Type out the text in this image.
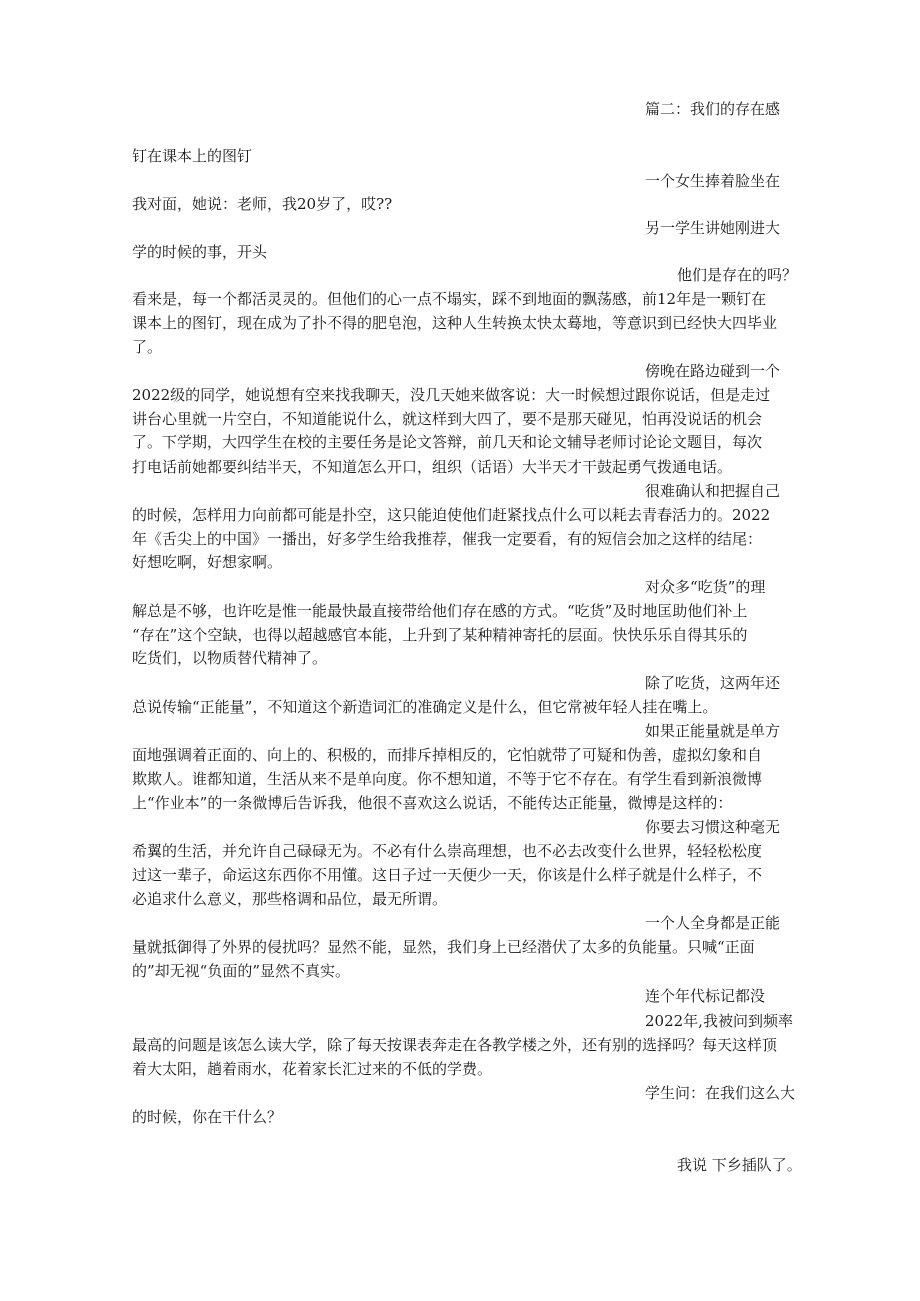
篇二：我们的存在感
钉在课本上的图钉
一个女生捧着脸坐在
我对面，她说：老师，我20岁了，哎??
另一学生讲她刚进大
学的时候的事，开头
他们是存在的吗？
看来是，每一个都活灵灵的。但他们的心一点不塌实，踩不到地面的飘荡感，前12年是一颗钉在
课本上的图钉，现在成为了扑不得的肥皂泡，这种人生转换太快太蓦地，等意识到已经快大四毕业
了。
傍晚在路边碰到一个
2022级的同学，她说想有空来找我聊天，没几天她来做客说：大一时候想过跟你说话，但是走过
讲台心里就一片空白，不知道能说什么，就这样到大四了，要不是那天碰见，怕再没说话的机会
了。下学期，大四学生在校的主要任务是论文答辩，前几天和论文辅导老师讨论论文题目，每次
打电话前她都要纠结半天，不知道怎么开口，组织（话语）大半天才干鼓起勇气拨通电话。
很难确认和把握自己
的时候，怎样用力向前都可能是扑空，这只能迫使他们赶紧找点什么可以耗去青春活力的。2022
年《舌尖上的中国》一播出，好多学生给我推荐，催我一定要看，有的短信会加之这样的结尾：
好想吃啊，好想家啊。
对众多“吃货”的理
解总是不够，也许吃是惟一能最快最直接带给他们存在感的方式。“吃货”及时地匡助他们补上
“存在”这个空缺，也得以超越感官本能，上升到了某种精神寄托的层面。快快乐乐自得其乐的
吃货们，以物质替代精神了。
除了吃货，这两年还
总说传输“正能量”，不知道这个新造词汇的准确定义是什么，但它常被年轻人挂在嘴上。
如果正能量就是单方
面地强调着正面的、向上的、积极的，而排斥掉相反的，它怕就带了可疑和伪善，虚拟幻象和自
欺欺人。谁都知道，生活从来不是单向度。你不想知道，不等于它不存在。有学生看到新浪微博
上“作业本”的一条微博后告诉我，他很不喜欢这么说话，不能传达正能量，微博是这样的：
你要去习惯这种毫无
希翼的生活，并允许自己碌碌无为。不必有什么崇高理想，也不必去改变什么世界，轻轻松松度
过这一辈子，命运这东西你不用懂。这日子过一天便少一天，你该是什么样子就是什么样子，不
必追求什么意义，那些格调和品位，最无所谓。
一个人全身都是正能
量就抵御得了外界的侵扰吗？显然不能，显然，我们身上已经潜伏了太多的负能量。只喊“正面
的”却无视“负面的”显然不真实。
连个年代标记都没
2022年,我被问到频率
最高的问题是该怎么读大学，除了每天按课表奔走在各教学楼之外，还有别的选择吗？每天这样顶
着大太阳，趟着雨水，花着家长汇过来的不低的学费。
学生问：在我们这么大
的时候，你在干什么？
我说 下乡插队了。
